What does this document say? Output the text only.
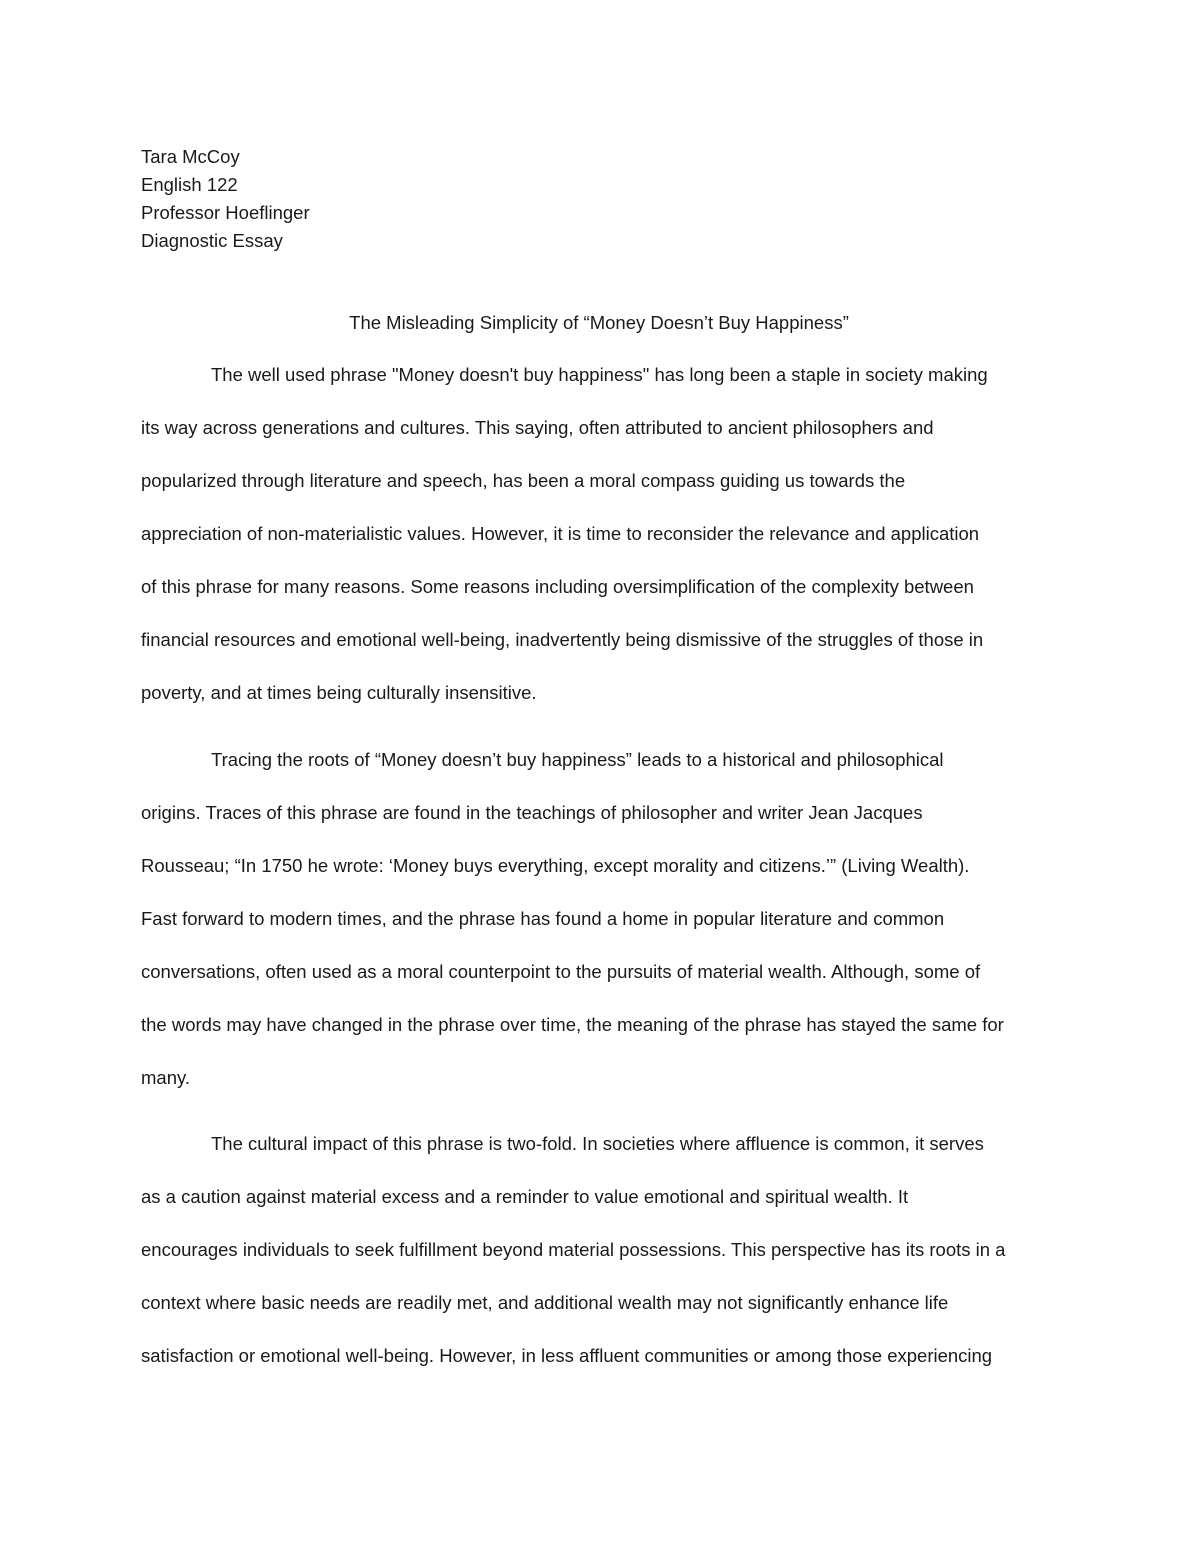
Tara McCoy
English 122
Professor Hoeflinger
Diagnostic Essay
The Misleading Simplicity of “Money Doesn’t Buy Happiness”
The well used phrase "Money doesn't buy happiness" has long been a staple in society making
its way across generations and cultures. This saying, often attributed to ancient philosophers and
popularized through literature and speech, has been a moral compass guiding us towards the
appreciation of non-materialistic values. However, it is time to reconsider the relevance and application
of this phrase for many reasons. Some reasons including oversimplification of the complexity between
financial resources and emotional well-being, inadvertently being dismissive of the struggles of those in
poverty, and at times being culturally insensitive.
Tracing the roots of “Money doesn’t buy happiness” leads to a historical and philosophical
origins. Traces of this phrase are found in the teachings of philosopher and writer Jean Jacques
Rousseau; “In 1750 he wrote: ‘Money buys everything, except morality and citizens.’” (Living Wealth).
Fast forward to modern times, and the phrase has found a home in popular literature and common
conversations, often used as a moral counterpoint to the pursuits of material wealth. Although, some of
the words may have changed in the phrase over time, the meaning of the phrase has stayed the same for
many.
The cultural impact of this phrase is two-fold. In societies where affluence is common, it serves
as a caution against material excess and a reminder to value emotional and spiritual wealth. It
encourages individuals to seek fulfillment beyond material possessions. This perspective has its roots in a
context where basic needs are readily met, and additional wealth may not significantly enhance life
satisfaction or emotional well-being. However, in less affluent communities or among those experiencing
